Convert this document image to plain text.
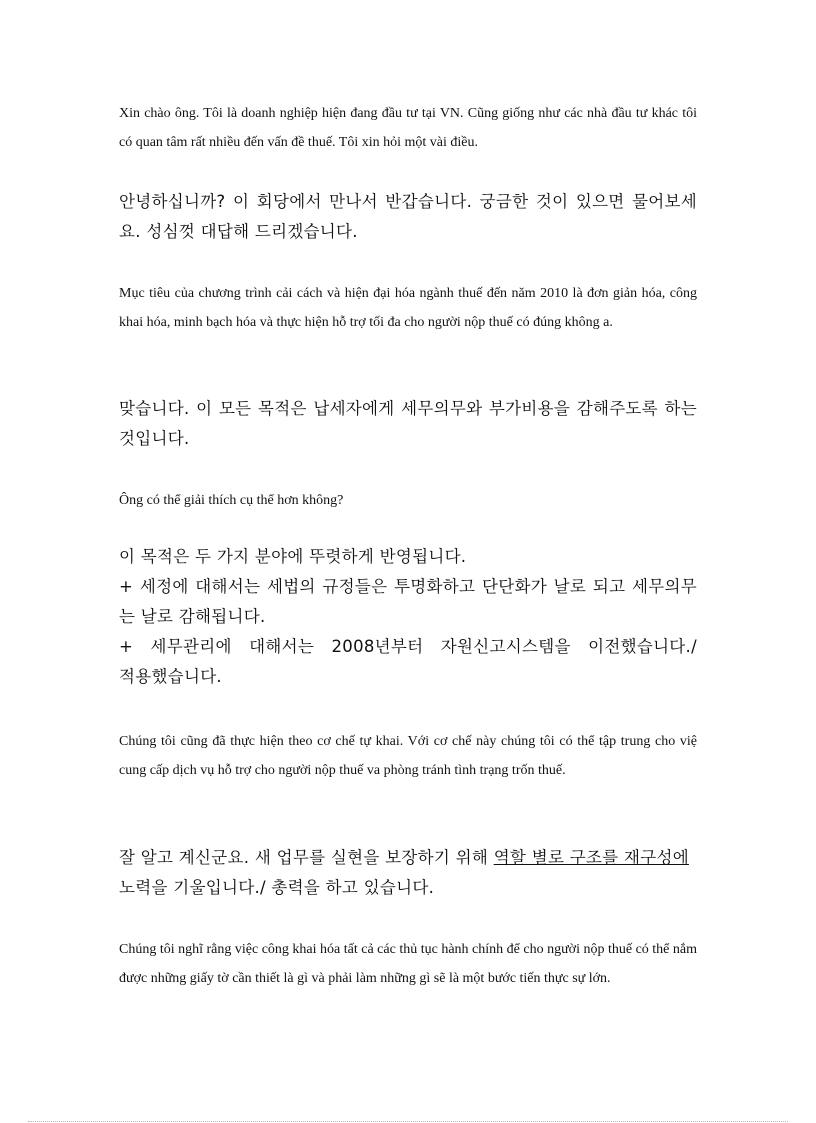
Xin chào ông. Tôi là doanh nghiệp hiện đang đầu tư tại VN. Cũng giống như các nhà đầu tư khác tôi có quan tâm rất nhiều đến vấn đề thuế. Tôi xin hỏi một vài điều.

안녕하십니까? 이 회당에서 만나서 반갑습니다. 궁금한 것이 있으면 물어보세요. 성심껏 대답해 드리겠습니다.

Mục tiêu của chương trình cải cách và hiện đại hóa ngành thuế đến năm 2010 là đơn giản hóa, công khai hóa, minh bạch hóa và thực hiện hỗ trợ tối đa cho người nộp thuế có đúng không a.

맞습니다. 이 모든 목적은 납세자에게 세무의무와 부가비용을 감해주도록 하는 것입니다.

Ông có thể giải thích cụ thể hơn không?

이 목적은 두 가지 분야에 뚜렷하게 반영됩니다.
+ 세정에 대해서는 세법의 규정들은 투명화하고 단단화가 날로 되고 세무의무는 날로 감해됩니다.
+ 세무관리에 대해서는 2008년부터 자원신고시스템을 이전했습니다./
적용했습니다.

Chúng tôi cũng đã thực hiện theo cơ chế tự khai. Với cơ chế này chúng tôi có thể tập trung cho việ cung cấp dịch vụ hỗ trợ cho người nộp thuế va phòng tránh tình trạng trốn thuế.

잘 알고 계신군요. 새 업무를 실현을 보장하기 위해 역할 별로 구조를 재구성에
노력을 기울입니다./ 총력을 하고 있습니다.

Chúng tôi nghĩ rằng việc công khai hóa tất cả các thủ tục hành chính để cho người nộp thuế có thể nắm được những giấy tờ cần thiết là gì và phải làm những gì sẽ là một bước tiến thực sự lớn.
